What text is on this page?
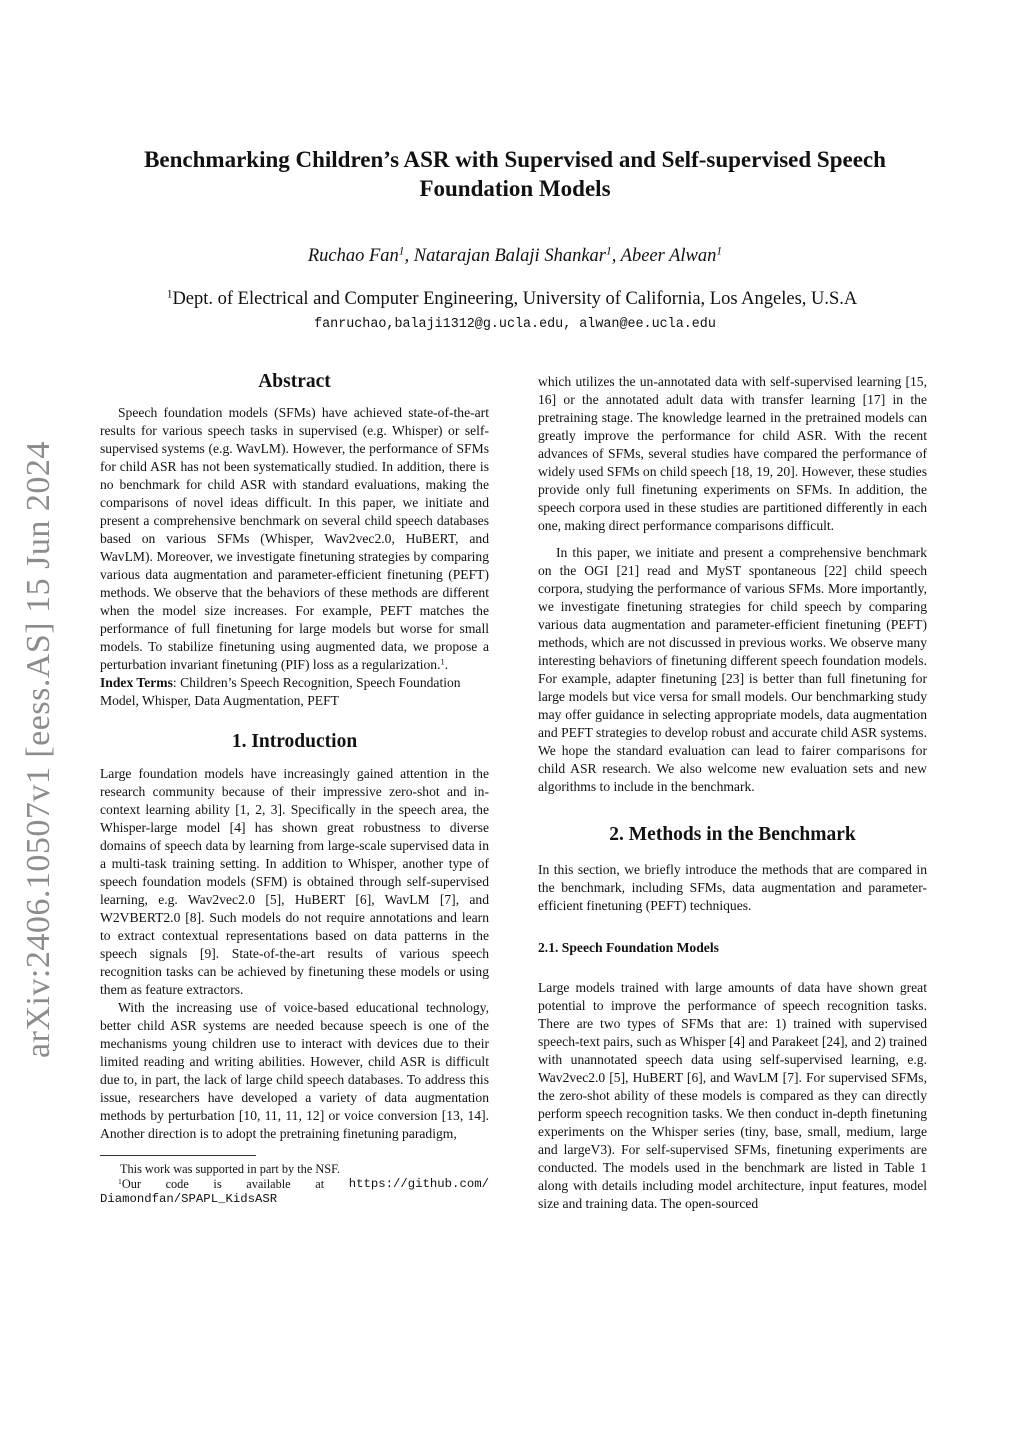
arXiv:2406.10507v1 [eess.AS] 15 Jun 2024
Benchmarking Children’s ASR with Supervised and Self-supervised Speech Foundation Models
Ruchao Fan$^1$, Natarajan Balaji Shankar$^1$, Abeer Alwan$^1$
$^1$Dept. of Electrical and Computer Engineering, University of California, Los Angeles, U.S.A
fanruchao,balaji1312@g.ucla.edu, alwan@ee.ucla.edu
Abstract

Speech foundation models (SFMs) have achieved state-of-the-art results for various speech tasks in supervised (e.g. Whisper) or self-supervised systems (e.g. WavLM). However, the performance of SFMs for child ASR has not been systematically studied. In addition, there is no benchmark for child ASR with standard evaluations, making the comparisons of novel ideas difficult. In this paper, we initiate and present a comprehensive benchmark on several child speech databases based on various SFMs (Whisper, Wav2vec2.0, HuBERT, and WavLM). Moreover, we investigate finetuning strategies by comparing various data augmentation and parameter-efficient finetuning (PEFT) methods. We observe that the behaviors of these methods are different when the model size increases. For example, PEFT matches the performance of full finetuning for large models but worse for small models. To stabilize finetuning using augmented data, we propose a perturbation invariant finetuning (PIF) loss as a regularization.$^1$.

Index Terms: Children’s Speech Recognition, Speech Foundation Model, Whisper, Data Augmentation, PEFT

1. Introduction

Large foundation models have increasingly gained attention in the research community because of their impressive zero-shot and in-context learning ability [1, 2, 3]. Specifically in the speech area, the Whisper-large model [4] has shown great robustness to diverse domains of speech data by learning from large-scale supervised data in a multi-task training setting. In addition to Whisper, another type of speech foundation models (SFM) is obtained through self-supervised learning, e.g. Wav2vec2.0 [5], HuBERT [6], WavLM [7], and W2VBERT2.0 [8]. Such models do not require annotations and learn to extract contextual representations based on data patterns in the speech signals [9]. State-of-the-art results of various speech recognition tasks can be achieved by finetuning these models or using them as feature extractors.

With the increasing use of voice-based educational technology, better child ASR systems are needed because speech is one of the mechanisms young children use to interact with devices due to their limited reading and writing abilities. However, child ASR is difficult due to, in part, the lack of large child speech databases. To address this issue, researchers have developed a variety of data augmentation methods by perturbation [10, 11, 11, 12] or voice conversion [13, 14]. Another direction is to adopt the pretraining finetuning paradigm,

This work was supported in part by the NSF.
$^1$Our code is available at https://github.com/
Diamondfan/SPAPL_KidsASR

which utilizes the un-annotated data with self-supervised learning [15, 16] or the annotated adult data with transfer learning [17] in the pretraining stage. The knowledge learned in the pretrained models can greatly improve the performance for child ASR. With the recent advances of SFMs, several studies have compared the performance of widely used SFMs on child speech [18, 19, 20]. However, these studies provide only full finetuning experiments on SFMs. In addition, the speech corpora used in these studies are partitioned differently in each one, making direct performance comparisons difficult.

In this paper, we initiate and present a comprehensive benchmark on the OGI [21] read and MyST spontaneous [22] child speech corpora, studying the performance of various SFMs. More importantly, we investigate finetuning strategies for child speech by comparing various data augmentation and parameter-efficient finetuning (PEFT) methods, which are not discussed in previous works. We observe many interesting behaviors of finetuning different speech foundation models. For example, adapter finetuning [23] is better than full finetuning for large models but vice versa for small models. Our benchmarking study may offer guidance in selecting appropriate models, data augmentation and PEFT strategies to develop robust and accurate child ASR systems. We hope the standard evaluation can lead to fairer comparisons for child ASR research. We also welcome new evaluation sets and new algorithms to include in the benchmark.

2. Methods in the Benchmark

In this section, we briefly introduce the methods that are compared in the benchmark, including SFMs, data augmentation and parameter-efficient finetuning (PEFT) techniques.

2.1. Speech Foundation Models

Large models trained with large amounts of data have shown great potential to improve the performance of speech recognition tasks. There are two types of SFMs that are: 1) trained with supervised speech-text pairs, such as Whisper [4] and Parakeet [24], and 2) trained with unannotated speech data using self-supervised learning, e.g. Wav2vec2.0 [5], HuBERT [6], and WavLM [7]. For supervised SFMs, the zero-shot ability of these models is compared as they can directly perform speech recognition tasks. We then conduct in-depth finetuning experiments on the Whisper series (tiny, base, small, medium, large and largeV3). For self-supervised SFMs, finetuning experiments are conducted. The models used in the benchmark are listed in Table 1 along with details including model architecture, input features, model size and training data. The open-sourced
